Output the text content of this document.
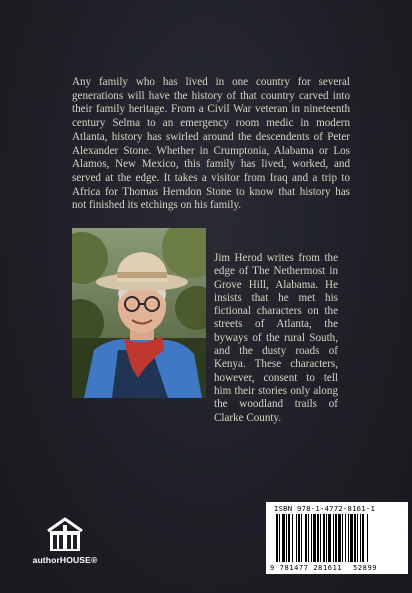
Any family who has lived in one country for several generations will have the history of that country carved into their family heritage. From a Civil War veteran in nineteenth century Selma to an emergency room medic in modern Atlanta, history has swirled around the descendents of Peter Alexander Stone. Whether in Crumptonia, Alabama or Los Alamos, New Mexico, this family has lived, worked, and served at the edge. It takes a visitor from Iraq and a trip to Africa for Thomas Herndon Stone to know that history has not finished its etchings on his family.

Jim Herod writes from the edge of The Nethermost in Grove Hill, Alabama. He insists that he met his fictional characters on the streets of Atlanta, the byways of the rural South, and the dusty roads of Kenya. These characters, however, consent to tell him their stories only along the woodland trails of Clarke County.

authorHOUSE®
ISBN 978-1-4772-8161-1
9 781477 281611 52899
